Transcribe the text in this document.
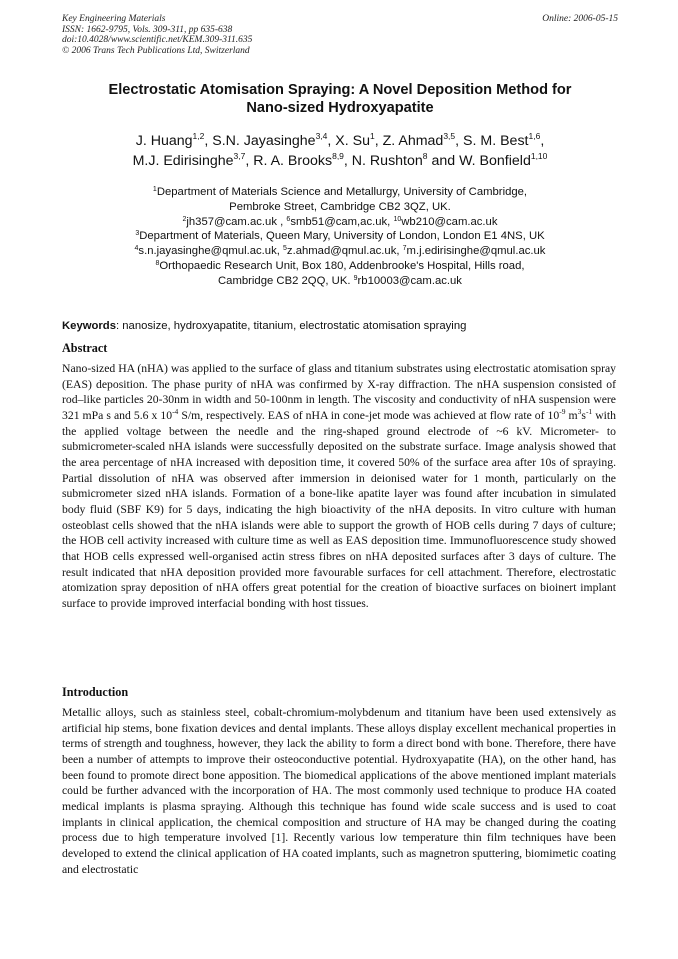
Key Engineering Materials	Online: 2006-05-15
ISSN: 1662-9795, Vols. 309-311, pp 635-638
doi:10.4028/www.scientific.net/KEM.309-311.635
© 2006 Trans Tech Publications Ltd, Switzerland
Electrostatic Atomisation Spraying: A Novel Deposition Method for
Nano-sized Hydroxyapatite
J. Huang$^{1,2}$, S.N. Jayasinghe$^{3,4}$, X. Su$^1$, Z. Ahmad$^{3,5}$, S. M. Best$^{1,6}$,
M.J. Edirisinghe$^{3,7}$, R. A. Brooks$^{8,9}$, N. Rushton$^8$ and W. Bonfield$^{1,10}$
$^1$Department of Materials Science and Metallurgy, University of Cambridge,
Pembroke Street, Cambridge CB2 3QZ, UK.
$^2$jh357@cam.ac.uk , $^6$smb51@cam,ac.uk, $^{10}$wb210@cam.ac.uk
$^3$Department of Materials, Queen Mary, University of London, London E1 4NS, UK
$^4$s.n.jayasinghe@qmul.ac.uk, $^5$z.ahmad@qmul.ac.uk, $^7$m.j.edirisinghe@qmul.ac.uk
$^8$Orthopaedic Research Unit, Box 180, Addenbrooke's Hospital, Hills road,
Cambridge CB2 2QQ, UK. $^9$rb10003@cam.ac.uk
Keywords: nanosize, hydroxyapatite, titanium, electrostatic atomisation spraying
Abstract
Nano-sized HA (nHA) was applied to the surface of glass and titanium substrates using electrostatic atomisation spray (EAS) deposition. The phase purity of nHA was confirmed by X-ray diffraction. The nHA suspension consisted of rod–like particles 20-30nm in width and 50-100nm in length. The viscosity and conductivity of nHA suspension were 321 mPa s and 5.6 x $10^{-4}$ S/m, respectively. EAS of nHA in cone-jet mode was achieved at flow rate of $10^{-9}$ $m^3s^{-1}$ with the applied voltage between the needle and the ring-shaped ground electrode of ~6 kV. Micrometer- to submicrometer-scaled nHA islands were successfully deposited on the substrate surface. Image analysis showed that the area percentage of nHA increased with deposition time, it covered 50% of the surface area after 10s of spraying. Partial dissolution of nHA was observed after immersion in deionised water for 1 month, particularly on the submicrometer sized nHA islands. Formation of a bone-like apatite layer was found after incubation in simulated body fluid (SBF K9) for 5 days, indicating the high bioactivity of the nHA deposits. In vitro culture with human osteoblast cells showed that the nHA islands were able to support the growth of HOB cells during 7 days of culture; the HOB cell activity increased with culture time as well as EAS deposition time. Immunofluorescence study showed that HOB cells expressed well-organised actin stress fibres on nHA deposited surfaces after 3 days of culture. The result indicated that nHA deposition provided more favourable surfaces for cell attachment. Therefore, electrostatic atomization spray deposition of nHA offers great potential for the creation of bioactive surfaces on bioinert implant surface to provide improved interfacial bonding with host tissues.
Introduction
Metallic alloys, such as stainless steel, cobalt-chromium-molybdenum and titanium have been used extensively as artificial hip stems, bone fixation devices and dental implants. These alloys display excellent mechanical properties in terms of strength and toughness, however, they lack the ability to form a direct bond with bone. Therefore, there have been a number of attempts to improve their osteoconductive potential. Hydroxyapatite (HA), on the other hand, has been found to promote direct bone apposition. The biomedical applications of the above mentioned implant materials could be further advanced with the incorporation of HA. The most commonly used technique to produce HA coated medical implants is plasma spraying. Although this technique has found wide scale success and is used to coat implants in clinical application, the chemical composition and structure of HA may be changed during the coating process due to high temperature involved [1]. Recently various low temperature thin film techniques have been developed to extend the clinical application of HA coated implants, such as magnetron sputtering, biomimetic coating and electrostatic
